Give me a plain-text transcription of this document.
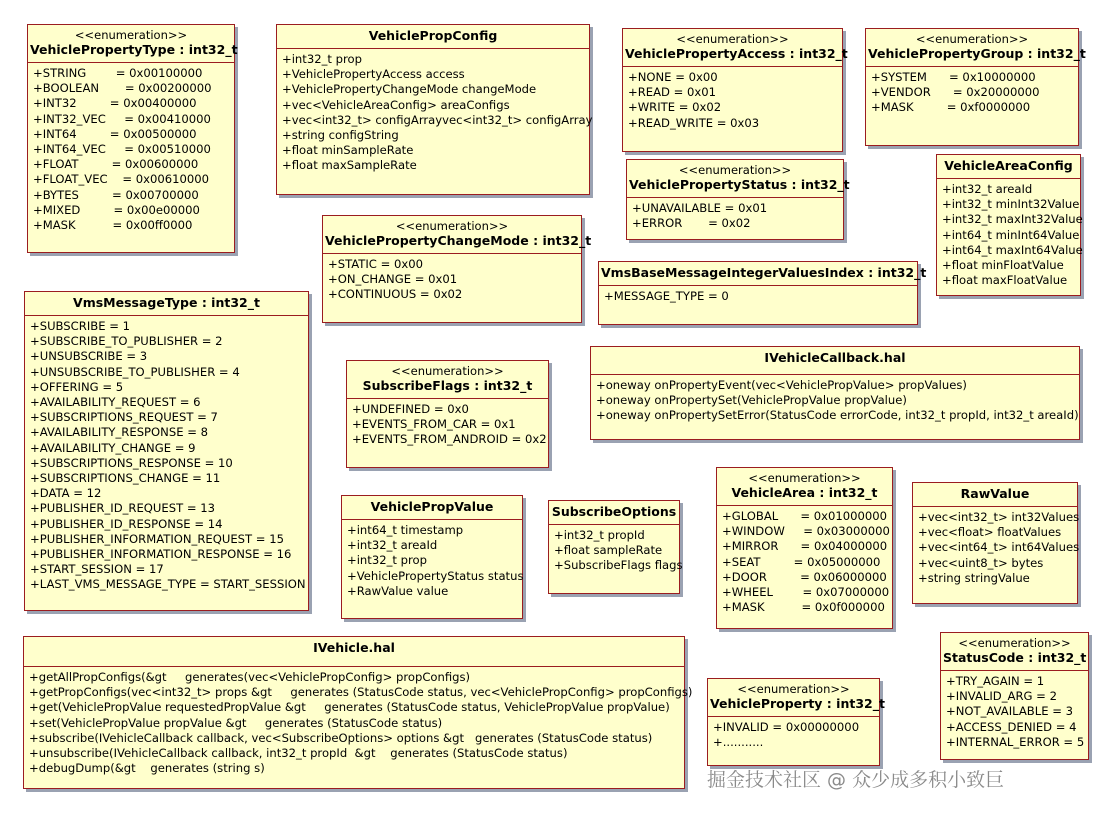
<<enumeration>>
VehiclePropertyType : int32_t
+STRING        = 0x00100000
+BOOLEAN       = 0x00200000
+INT32         = 0x00400000
+INT32_VEC     = 0x00410000
+INT64         = 0x00500000
+INT64_VEC     = 0x00510000
+FLOAT         = 0x00600000
+FLOAT_VEC    = 0x00610000
+BYTES         = 0x00700000
+MIXED         = 0x00e00000
+MASK          = 0x00ff0000
VehiclePropConfig
+int32_t prop
+VehiclePropertyAccess access
+VehiclePropertyChangeMode changeMode
+vec<VehicleAreaConfig> areaConfigs
+vec<int32_t> configArrayvec<int32_t> configArray
+string configString
+float minSampleRate
+float maxSampleRate
<<enumeration>>
VehiclePropertyAccess : int32_t
+NONE = 0x00
+READ = 0x01
+WRITE = 0x02
+READ_WRITE = 0x03
<<enumeration>>
VehiclePropertyGroup : int32_t
+SYSTEM      = 0x10000000
+VENDOR      = 0x20000000
+MASK         = 0xf0000000
<<enumeration>>
VehiclePropertyStatus : int32_t
+UNAVAILABLE = 0x01
+ERROR       = 0x02
VehicleAreaConfig
+int32_t areaId
+int32_t minInt32Value
+int32_t maxInt32Value
+int64_t minInt64Value
+int64_t maxInt64Value
+float minFloatValue
+float maxFloatValue
<<enumeration>>
VehiclePropertyChangeMode : int32_t
+STATIC = 0x00
+ON_CHANGE = 0x01
+CONTINUOUS = 0x02
VmsBaseMessageIntegerValuesIndex : int32_t
+MESSAGE_TYPE = 0
VmsMessageType : int32_t
+SUBSCRIBE = 1
+SUBSCRIBE_TO_PUBLISHER = 2
+UNSUBSCRIBE = 3
+UNSUBSCRIBE_TO_PUBLISHER = 4
+OFFERING = 5
+AVAILABILITY_REQUEST = 6
+SUBSCRIPTIONS_REQUEST = 7
+AVAILABILITY_RESPONSE = 8
+AVAILABILITY_CHANGE = 9
+SUBSCRIPTIONS_RESPONSE = 10
+SUBSCRIPTIONS_CHANGE = 11
+DATA = 12
+PUBLISHER_ID_REQUEST = 13
+PUBLISHER_ID_RESPONSE = 14
+PUBLISHER_INFORMATION_REQUEST = 15
+PUBLISHER_INFORMATION_RESPONSE = 16
+START_SESSION = 17
+LAST_VMS_MESSAGE_TYPE = START_SESSION
<<enumeration>>
SubscribeFlags : int32_t
+UNDEFINED = 0x0
+EVENTS_FROM_CAR = 0x1
+EVENTS_FROM_ANDROID = 0x2
IVehicleCallback.hal
+oneway onPropertyEvent(vec<VehiclePropValue> propValues)
+oneway onPropertySet(VehiclePropValue propValue)
+oneway onPropertySetError(StatusCode errorCode, int32_t propId, int32_t areaId)
VehiclePropValue
+int64_t timestamp
+int32_t areaId
+int32_t prop
+VehiclePropertyStatus status
+RawValue value
SubscribeOptions
+int32_t propId
+float sampleRate
+SubscribeFlags flags
<<enumeration>>
VehicleArea : int32_t
+GLOBAL      = 0x01000000
+WINDOW     = 0x03000000
+MIRROR      = 0x04000000
+SEAT         = 0x05000000
+DOOR         = 0x06000000
+WHEEL        = 0x07000000
+MASK          = 0x0f000000
RawValue
+vec<int32_t> int32Values
+vec<float> floatValues
+vec<int64_t> int64Values
+vec<uint8_t> bytes
+string stringValue
IVehicle.hal
+getAllPropConfigs(&gt     generates(vec<VehiclePropConfig> propConfigs)
+getPropConfigs(vec<int32_t> props &gt     generates (StatusCode status, vec<VehiclePropConfig> propConfigs)
+get(VehiclePropValue requestedPropValue &gt     generates (StatusCode status, VehiclePropValue propValue)
+set(VehiclePropValue propValue &gt     generates (StatusCode status)
+subscribe(IVehicleCallback callback, vec<SubscribeOptions> options &gt   generates (StatusCode status)
+unsubscribe(IVehicleCallback callback, int32_t propId  &gt    generates (StatusCode status)
+debugDump(&gt    generates (string s)
<<enumeration>>
VehicleProperty : int32_t
+INVALID = 0x00000000
+...........
<<enumeration>>
StatusCode : int32_t
+TRY_AGAIN = 1
+INVALID_ARG = 2
+NOT_AVAILABLE = 3
+ACCESS_DENIED = 4
+INTERNAL_ERROR = 5
掘金技术社区 @ 众少成多积小致巨
